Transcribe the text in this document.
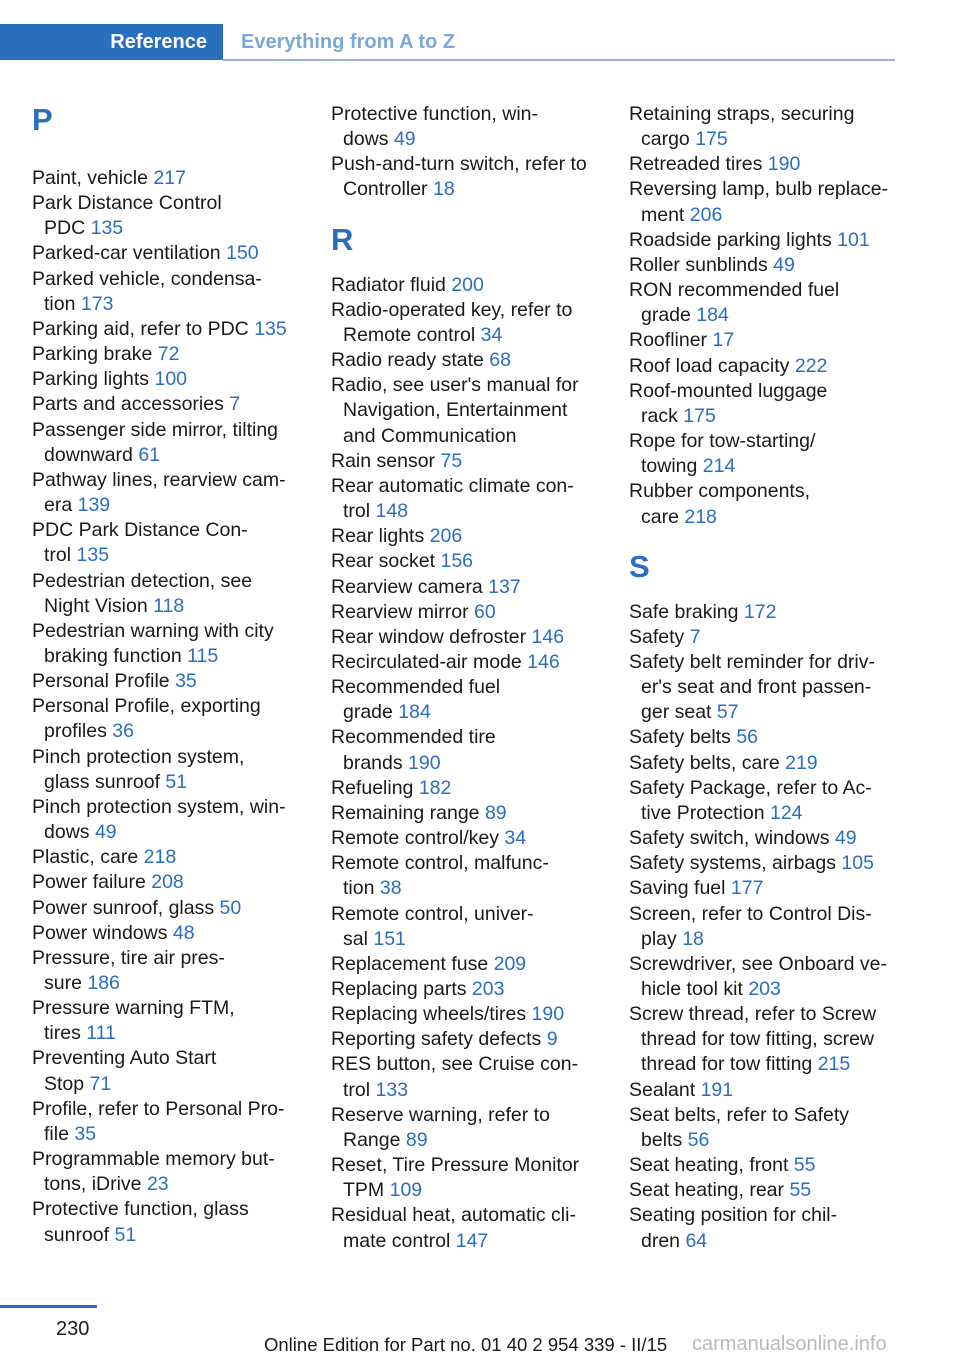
Reference	Everything from A to Z
P
Paint, vehicle 217
Park Distance Control
PDC 135
Parked-car ventilation 150
Parked vehicle, condensa-
tion 173
Parking aid, refer to PDC 135
Parking brake 72
Parking lights 100
Parts and accessories 7
Passenger side mirror, tilting
downward 61
Pathway lines, rearview cam-
era 139
PDC Park Distance Con-
trol 135
Pedestrian detection, see
Night Vision 118
Pedestrian warning with city
braking function 115
Personal Profile 35
Personal Profile, exporting
profiles 36
Pinch protection system,
glass sunroof 51
Pinch protection system, win-
dows 49
Plastic, care 218
Power failure 208
Power sunroof, glass 50
Power windows 48
Pressure, tire air pres-
sure 186
Pressure warning FTM,
tires 111
Preventing Auto Start
Stop 71
Profile, refer to Personal Pro-
file 35
Programmable memory but-
tons, iDrive 23
Protective function, glass
sunroof 51
Protective function, win-
dows 49
Push-and-turn switch, refer to
Controller 18
R
Radiator fluid 200
Radio-operated key, refer to
Remote control 34
Radio ready state 68
Radio, see user's manual for
Navigation, Entertainment
and Communication
Rain sensor 75
Rear automatic climate con-
trol 148
Rear lights 206
Rear socket 156
Rearview camera 137
Rearview mirror 60
Rear window defroster 146
Recirculated-air mode 146
Recommended fuel
grade 184
Recommended tire
brands 190
Refueling 182
Remaining range 89
Remote control/key 34
Remote control, malfunc-
tion 38
Remote control, univer-
sal 151
Replacement fuse 209
Replacing parts 203
Replacing wheels/tires 190
Reporting safety defects 9
RES button, see Cruise con-
trol 133
Reserve warning, refer to
Range 89
Reset, Tire Pressure Monitor
TPM 109
Residual heat, automatic cli-
mate control 147
Retaining straps, securing
cargo 175
Retreaded tires 190
Reversing lamp, bulb replace-
ment 206
Roadside parking lights 101
Roller sunblinds 49
RON recommended fuel
grade 184
Roofliner 17
Roof load capacity 222
Roof-mounted luggage
rack 175
Rope for tow-starting/
towing 214
Rubber components,
care 218
S
Safe braking 172
Safety 7
Safety belt reminder for driv-
er's seat and front passen-
ger seat 57
Safety belts 56
Safety belts, care 219
Safety Package, refer to Ac-
tive Protection 124
Safety switch, windows 49
Safety systems, airbags 105
Saving fuel 177
Screen, refer to Control Dis-
play 18
Screwdriver, see Onboard ve-
hicle tool kit 203
Screw thread, refer to Screw
thread for tow fitting, screw
thread for tow fitting 215
Sealant 191
Seat belts, refer to Safety
belts 56
Seat heating, front 55
Seat heating, rear 55
Seating position for chil-
dren 64
230
Online Edition for Part no. 01 40 2 954 339 - II/15 carmanualsonline.info
